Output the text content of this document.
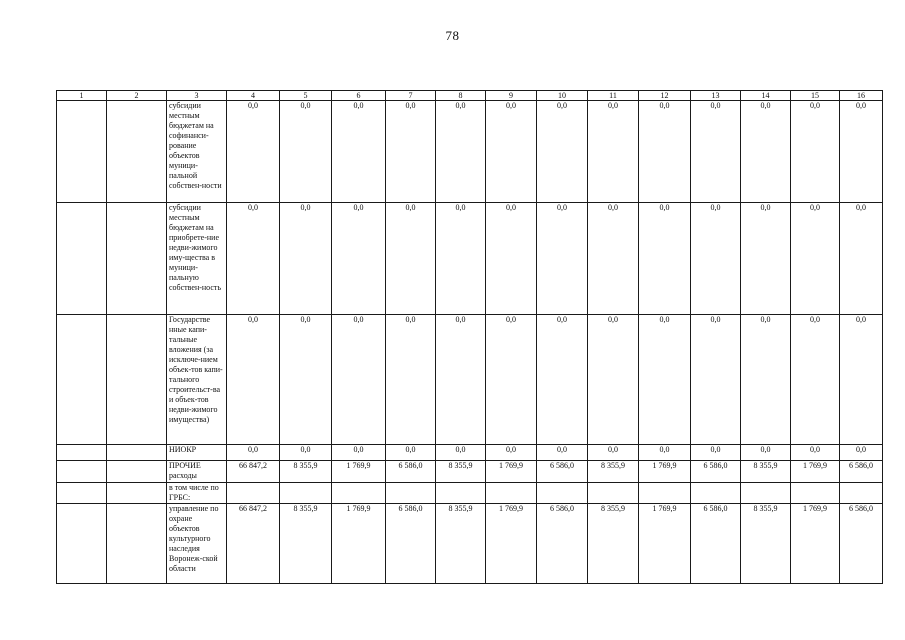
78
1	2	3	4	5	6	7	8	9	10	11	12	13	14	15	16
		субсидии местным бюджетам на софинанси-рование объектов муници-пальной собствен-ности	0,0	0,0	0,0	0,0	0,0	0,0	0,0	0,0	0,0	0,0	0,0	0,0	0,0
		субсидии местным бюджетам на приобрете-ние недви-жимого иму-щества в муници-пальную собствен-ность	0,0	0,0	0,0	0,0	0,0	0,0	0,0	0,0	0,0	0,0	0,0	0,0	0,0
		Государстве нные капи-тальные вложения (за исключе-нием объек-тов капи-тального строительст-ва и объек-тов недви-жимого имущества)	0,0	0,0	0,0	0,0	0,0	0,0	0,0	0,0	0,0	0,0	0,0	0,0	0,0
		НИОКР	0,0	0,0	0,0	0,0	0,0	0,0	0,0	0,0	0,0	0,0	0,0	0,0	0,0
		ПРОЧИЕ расходы	66 847,2	8 355,9	1 769,9	6 586,0	8 355,9	1 769,9	6 586,0	8 355,9	1 769,9	6 586,0	8 355,9	1 769,9	6 586,0
		в том числе по ГРБС:													
		управление по охране объектов культурного наследия Воронеж-ской области	66 847,2	8 355,9	1 769,9	6 586,0	8 355,9	1 769,9	6 586,0	8 355,9	1 769,9	6 586,0	8 355,9	1 769,9	6 586,0
